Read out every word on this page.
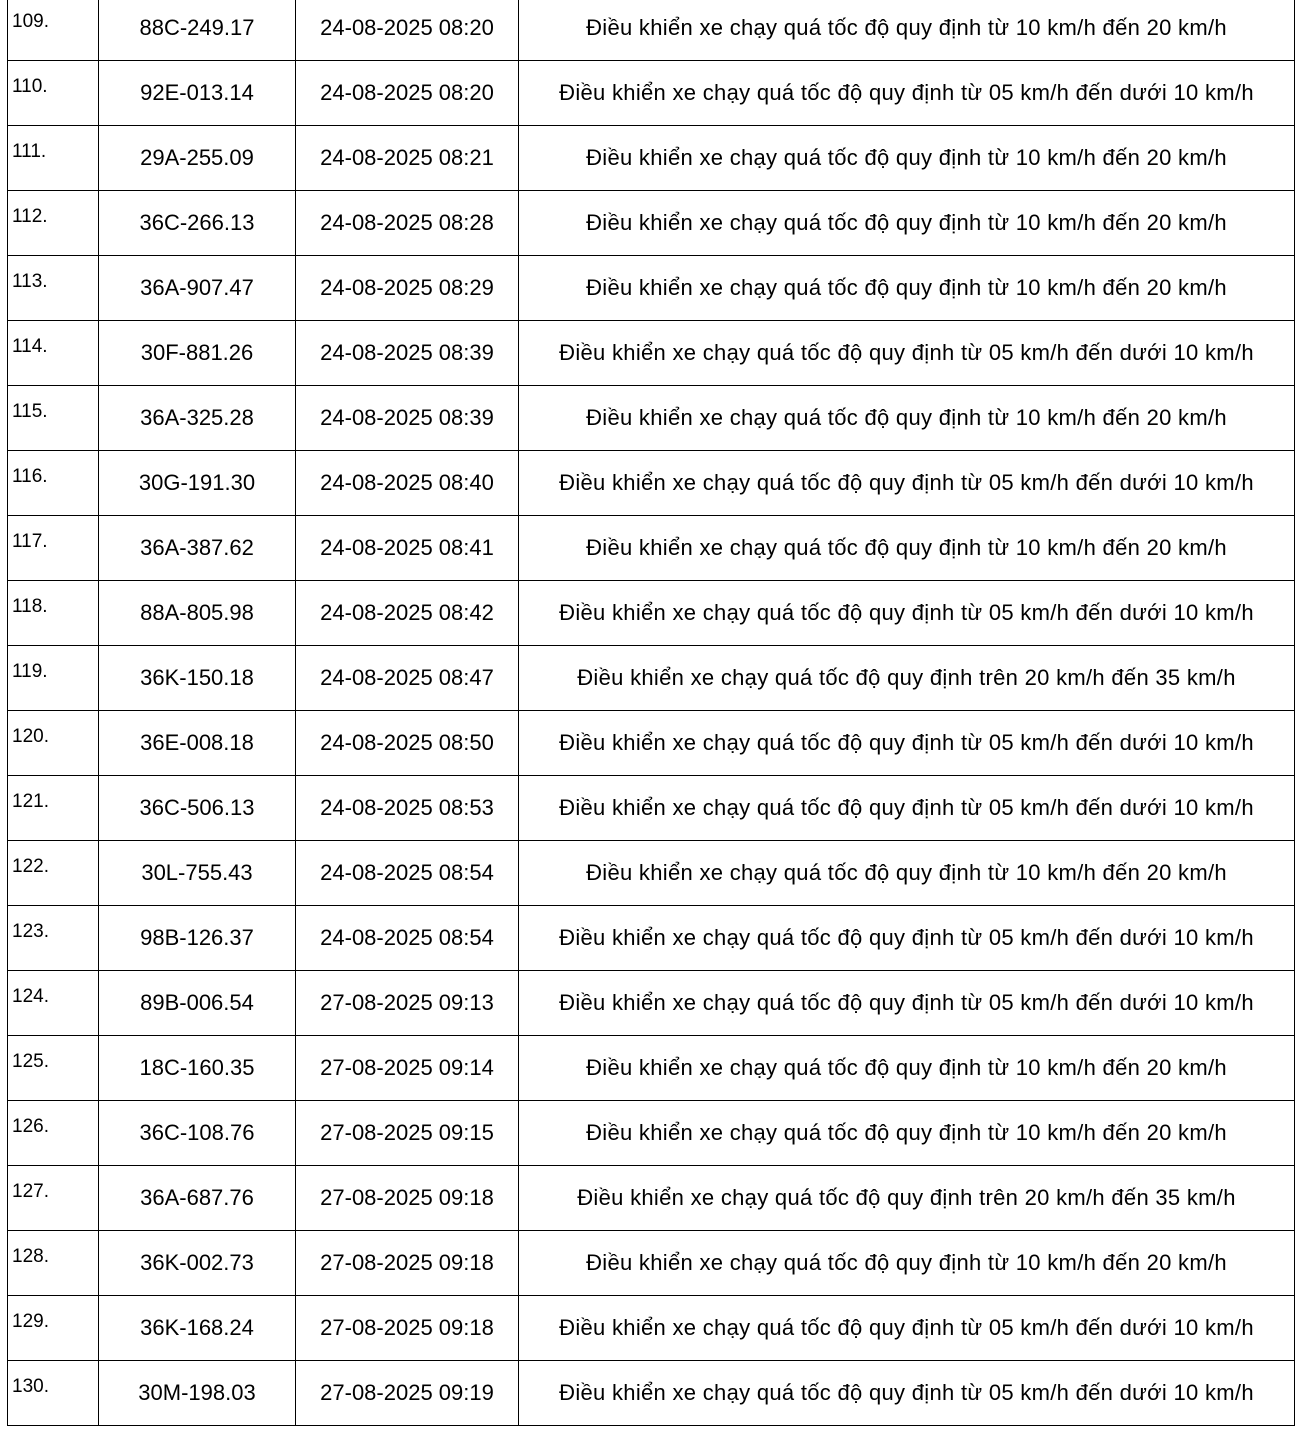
109.	88C-249.17	24-08-2025 08:20	Điều khiển xe chạy quá tốc độ quy định từ 10 km/h đến 20 km/h
110.	92E-013.14	24-08-2025 08:20	Điều khiển xe chạy quá tốc độ quy định từ 05 km/h đến dưới 10 km/h
111.	29A-255.09	24-08-2025 08:21	Điều khiển xe chạy quá tốc độ quy định từ 10 km/h đến 20 km/h
112.	36C-266.13	24-08-2025 08:28	Điều khiển xe chạy quá tốc độ quy định từ 10 km/h đến 20 km/h
113.	36A-907.47	24-08-2025 08:29	Điều khiển xe chạy quá tốc độ quy định từ 10 km/h đến 20 km/h
114.	30F-881.26	24-08-2025 08:39	Điều khiển xe chạy quá tốc độ quy định từ 05 km/h đến dưới 10 km/h
115.	36A-325.28	24-08-2025 08:39	Điều khiển xe chạy quá tốc độ quy định từ 10 km/h đến 20 km/h
116.	30G-191.30	24-08-2025 08:40	Điều khiển xe chạy quá tốc độ quy định từ 05 km/h đến dưới 10 km/h
117.	36A-387.62	24-08-2025 08:41	Điều khiển xe chạy quá tốc độ quy định từ 10 km/h đến 20 km/h
118.	88A-805.98	24-08-2025 08:42	Điều khiển xe chạy quá tốc độ quy định từ 05 km/h đến dưới 10 km/h
119.	36K-150.18	24-08-2025 08:47	Điều khiển xe chạy quá tốc độ quy định trên 20 km/h đến 35 km/h
120.	36E-008.18	24-08-2025 08:50	Điều khiển xe chạy quá tốc độ quy định từ 05 km/h đến dưới 10 km/h
121.	36C-506.13	24-08-2025 08:53	Điều khiển xe chạy quá tốc độ quy định từ 05 km/h đến dưới 10 km/h
122.	30L-755.43	24-08-2025 08:54	Điều khiển xe chạy quá tốc độ quy định từ 10 km/h đến 20 km/h
123.	98B-126.37	24-08-2025 08:54	Điều khiển xe chạy quá tốc độ quy định từ 05 km/h đến dưới 10 km/h
124.	89B-006.54	27-08-2025 09:13	Điều khiển xe chạy quá tốc độ quy định từ 05 km/h đến dưới 10 km/h
125.	18C-160.35	27-08-2025 09:14	Điều khiển xe chạy quá tốc độ quy định từ 10 km/h đến 20 km/h
126.	36C-108.76	27-08-2025 09:15	Điều khiển xe chạy quá tốc độ quy định từ 10 km/h đến 20 km/h
127.	36A-687.76	27-08-2025 09:18	Điều khiển xe chạy quá tốc độ quy định trên 20 km/h đến 35 km/h
128.	36K-002.73	27-08-2025 09:18	Điều khiển xe chạy quá tốc độ quy định từ 10 km/h đến 20 km/h
129.	36K-168.24	27-08-2025 09:18	Điều khiển xe chạy quá tốc độ quy định từ 05 km/h đến dưới 10 km/h
130.	30M-198.03	27-08-2025 09:19	Điều khiển xe chạy quá tốc độ quy định từ 05 km/h đến dưới 10 km/h
